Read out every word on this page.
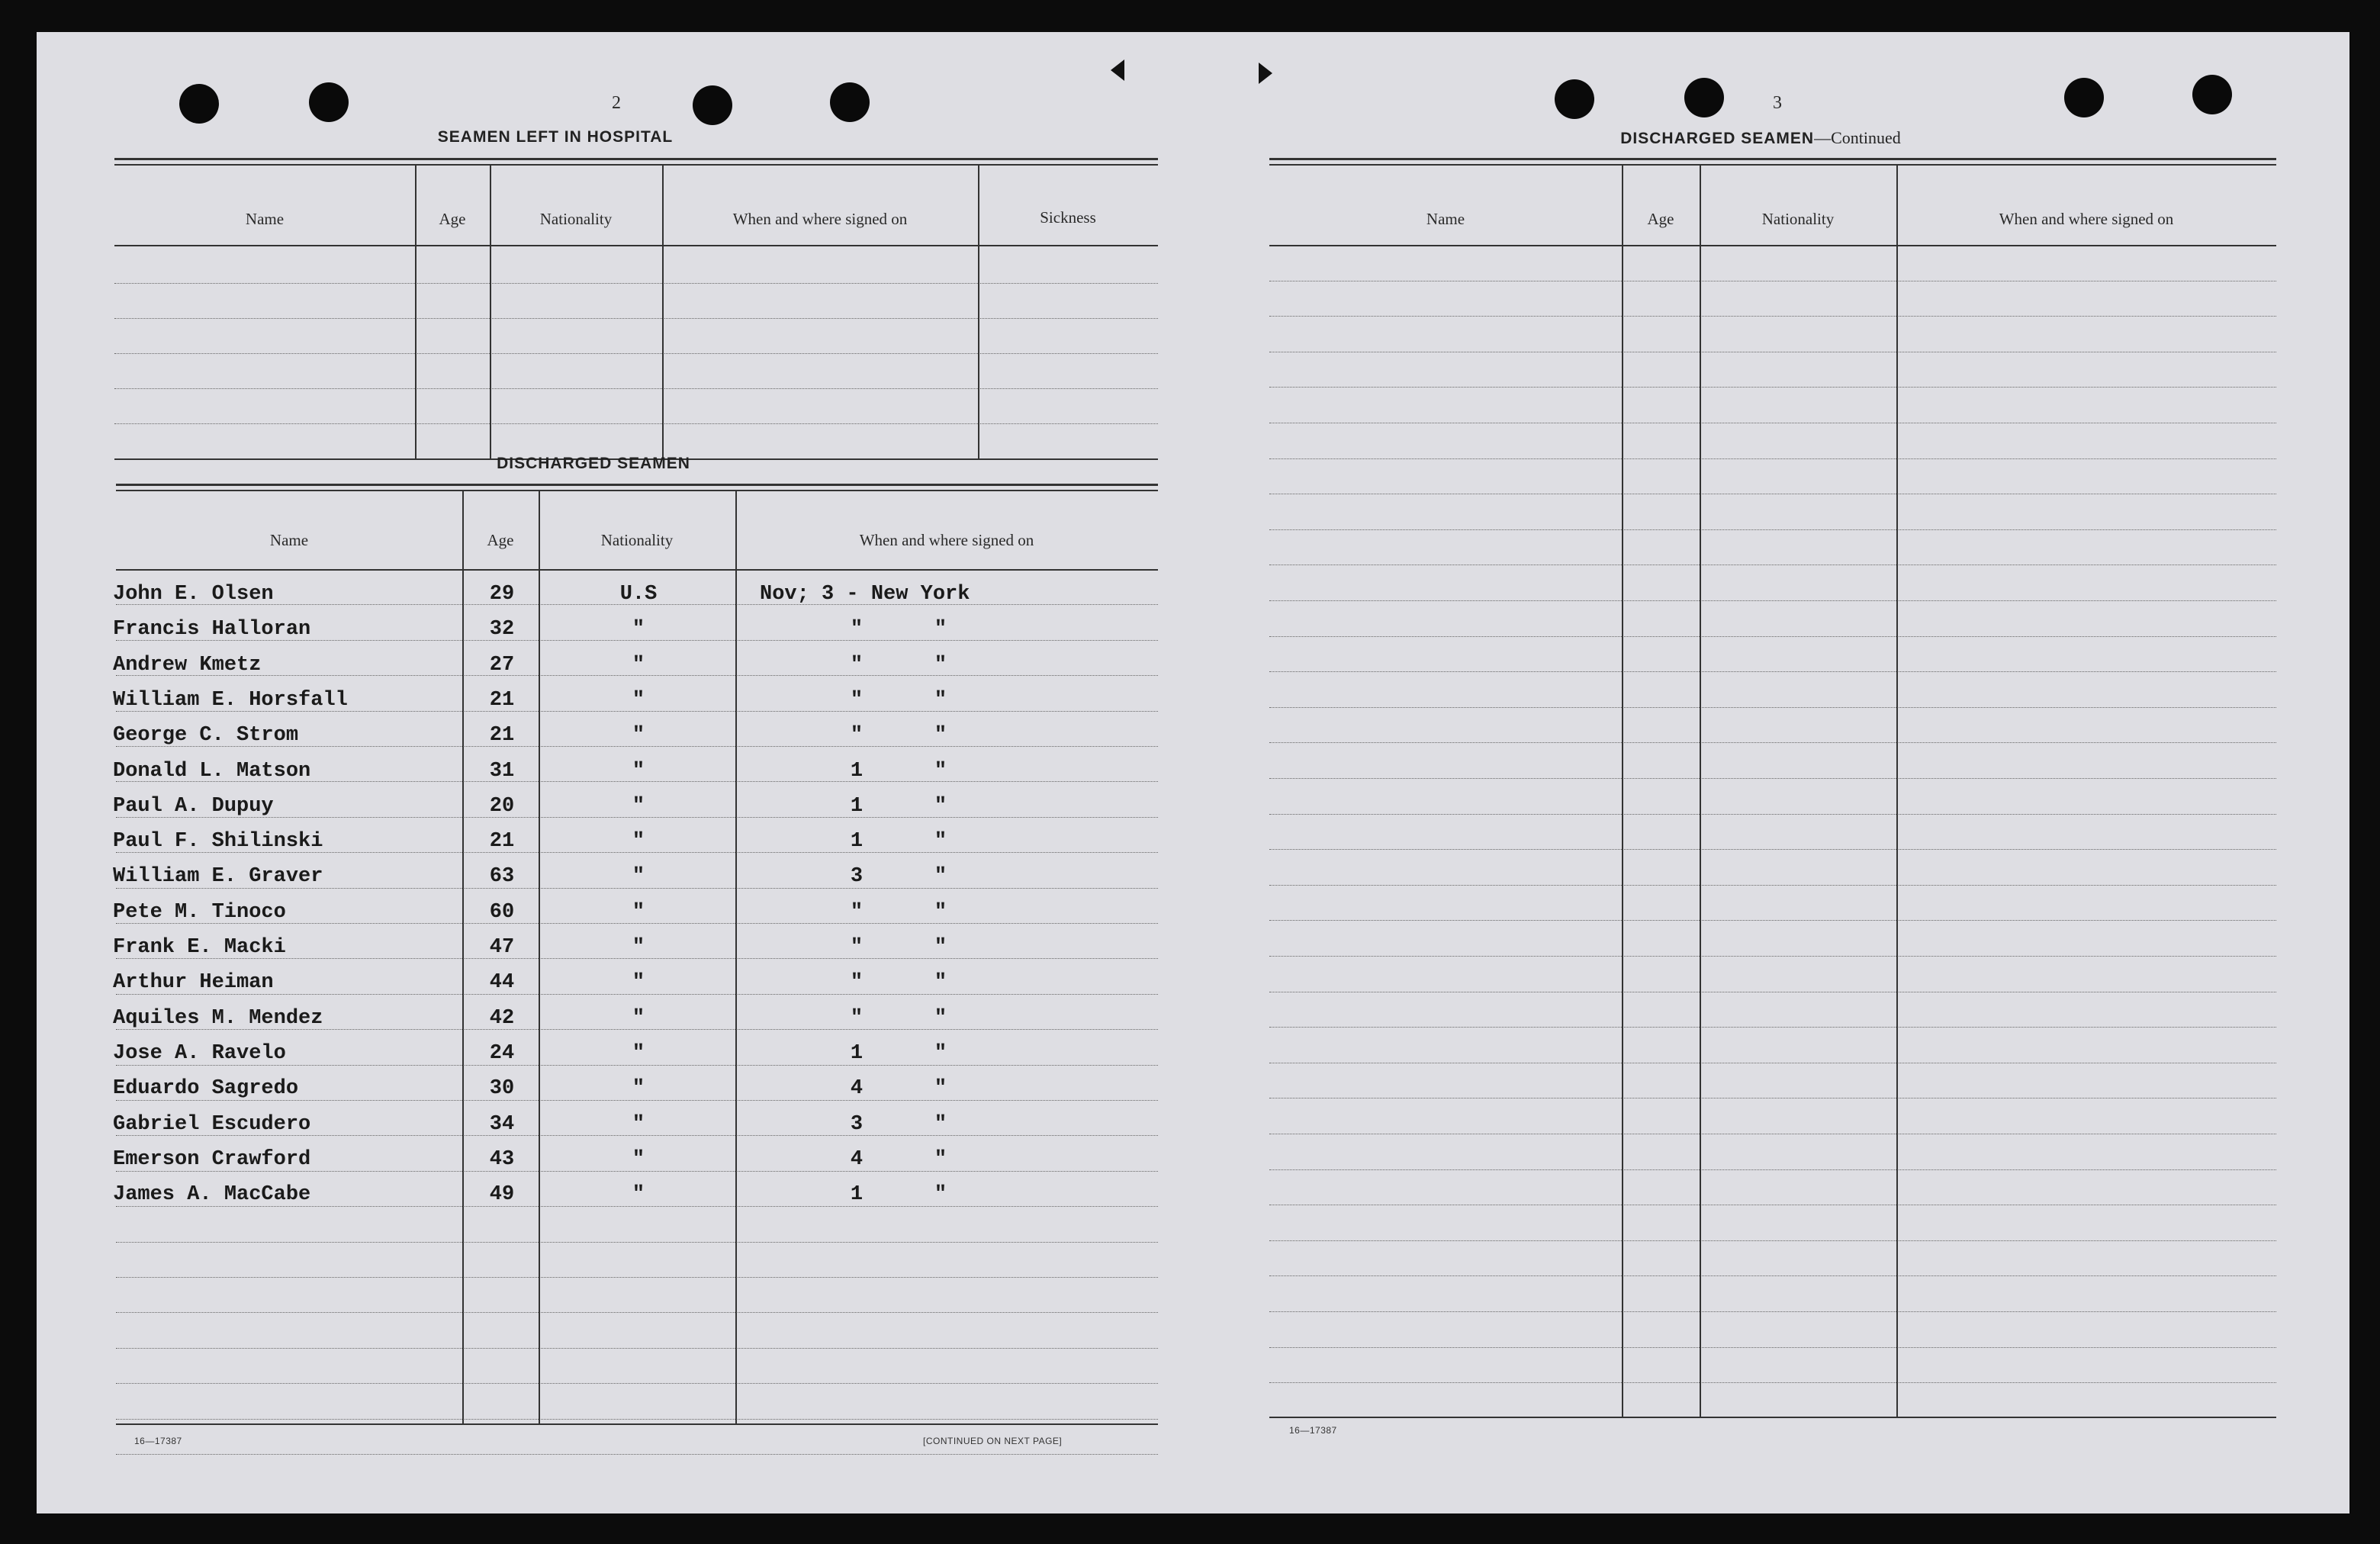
2
SEAMEN LEFT IN HOSPITAL
Name	Age	Nationality	When and where signed on	Sickness
DISCHARGED SEAMEN
Name	Age	Nationality	When and where signed on
John E. Olsen	29	U.S	Nov; 3 - New York
Francis Halloran	32	"	"	"
Andrew Kmetz	27	"	"	"
William E. Horsfall	21	"	"	"
George C. Strom	21	"	"	"
Donald L. Matson	31	"	1	"
Paul A. Dupuy	20	"	1	"
Paul F. Shilinski	21	"	1	"
William E. Graver	63	"	3	"
Pete M. Tinoco	60	"	"	"
Frank E. Macki	47	"	"	"
Arthur Heiman	44	"	"	"
Aquiles M. Mendez	42	"	"	"
Jose A. Ravelo	24	"	1	"
Eduardo Sagredo	30	"	4	"
Gabriel Escudero	34	"	3	"
Emerson Crawford	43	"	4	"
James A. MacCabe	49	"	1	"
16—17387	[CONTINUED ON NEXT PAGE]
3
DISCHARGED SEAMEN—Continued
Name	Age	Nationality	When and where signed on
16—17387
